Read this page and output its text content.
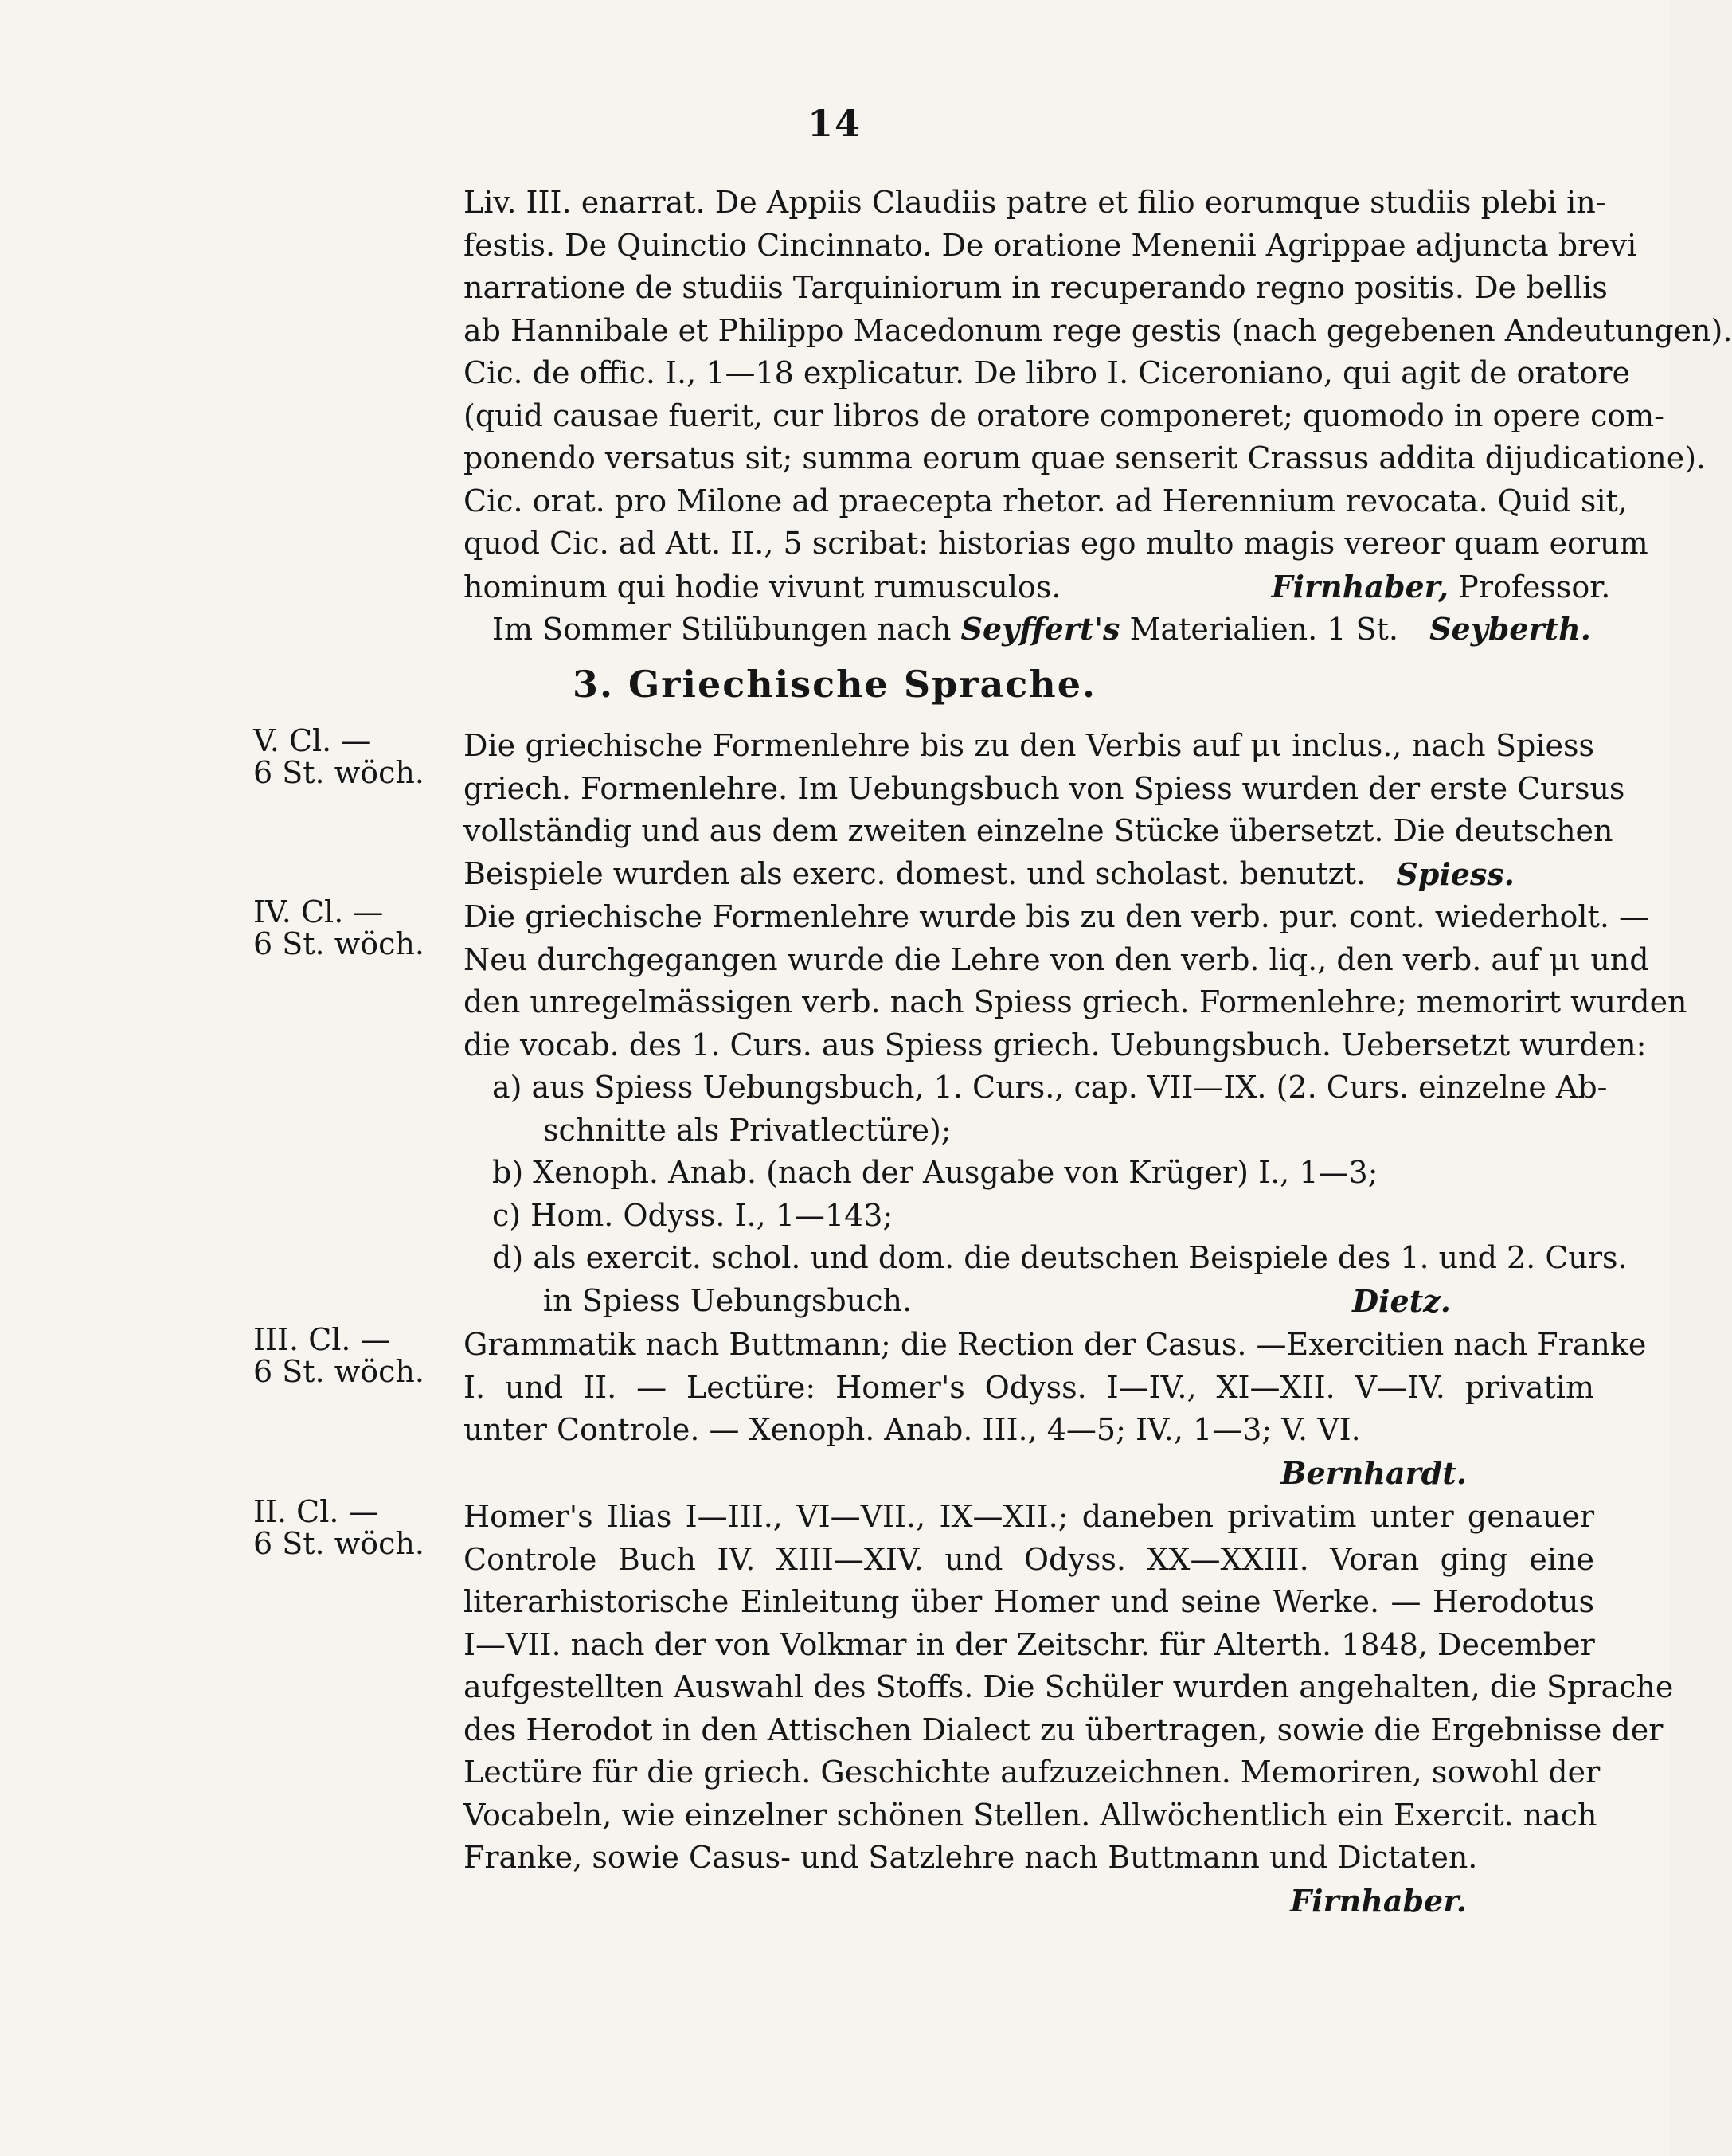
14
Liv. III. enarrat. De Appiis Claudiis patre et filio eorumque studiis plebi in-
festis. De Quinctio Cincinnato. De oratione Menenii Agrippae adjuncta brevi
narratione de studiis Tarquiniorum in recuperando regno positis. De bellis
ab Hannibale et Philippo Macedonum rege gestis (nach gegebenen Andeutungen).
Cic. de offic. I., 1—18 explicatur. De libro I. Ciceroniano, qui agit de oratore
(quid causae fuerit, cur libros de oratore componeret; quomodo in opere com-
ponendo versatus sit; summa eorum quae senserit Crassus addita dijudicatione).
Cic. orat. pro Milone ad praecepta rhetor. ad Herennium revocata. Quid sit,
quod Cic. ad Att. II., 5 scribat: historias ego multo magis vereor quam eorum
hominum qui hodie vivunt rumusculos.	Firnhaber, Professor.
Im Sommer Stilübungen nach Seyffert's Materialien. 1 St. Seyberth.
3. Griechische Sprache.
V. Cl. —
6 St. wöch.
Die griechische Formenlehre bis zu den Verbis auf μι inclus., nach Spiess
griech. Formenlehre. Im Uebungsbuch von Spiess wurden der erste Cursus
vollständig und aus dem zweiten einzelne Stücke übersetzt. Die deutschen
Beispiele wurden als exerc. domest. und scholast. benutzt. Spiess.
IV. Cl. —
6 St. wöch.
Die griechische Formenlehre wurde bis zu den verb. pur. cont. wiederholt. —
Neu durchgegangen wurde die Lehre von den verb. liq., den verb. auf μι und
den unregelmässigen verb. nach Spiess griech. Formenlehre; memorirt wurden
die vocab. des 1. Curs. aus Spiess griech. Uebungsbuch. Uebersetzt wurden:
a) aus Spiess Uebungsbuch, 1. Curs., cap. VII—IX. (2. Curs. einzelne Ab-
schnitte als Privatlectüre);
b) Xenoph. Anab. (nach der Ausgabe von Krüger) I., 1—3;
c) Hom. Odyss. I., 1—143;
d) als exercit. schol. und dom. die deutschen Beispiele des 1. und 2. Curs.
in Spiess Uebungsbuch.	Dietz.
III. Cl. —
6 St. wöch.
Grammatik nach Buttmann; die Rection der Casus. —Exercitien nach Franke
I. und II. — Lectüre: Homer's Odyss. I—IV., XI—XII. V—IV. privatim
unter Controle. — Xenoph. Anab. III., 4—5; IV., 1—3; V. VI.
Bernhardt.
II. Cl. —
6 St. wöch.
Homer's Ilias I—III., VI—VII., IX—XII.; daneben privatim unter genauer
Controle Buch IV. XIII—XIV. und Odyss. XX—XXIII. Voran ging eine
literarhistorische Einleitung über Homer und seine Werke. — Herodotus
I—VII. nach der von Volkmar in der Zeitschr. für Alterth. 1848, December
aufgestellten Auswahl des Stoffs. Die Schüler wurden angehalten, die Sprache
des Herodot in den Attischen Dialect zu übertragen, sowie die Ergebnisse der
Lectüre für die griech. Geschichte aufzuzeichnen. Memoriren, sowohl der
Vocabeln, wie einzelner schönen Stellen. Allwöchentlich ein Exercit. nach
Franke, sowie Casus- und Satzlehre nach Buttmann und Dictaten.
Firnhaber.
